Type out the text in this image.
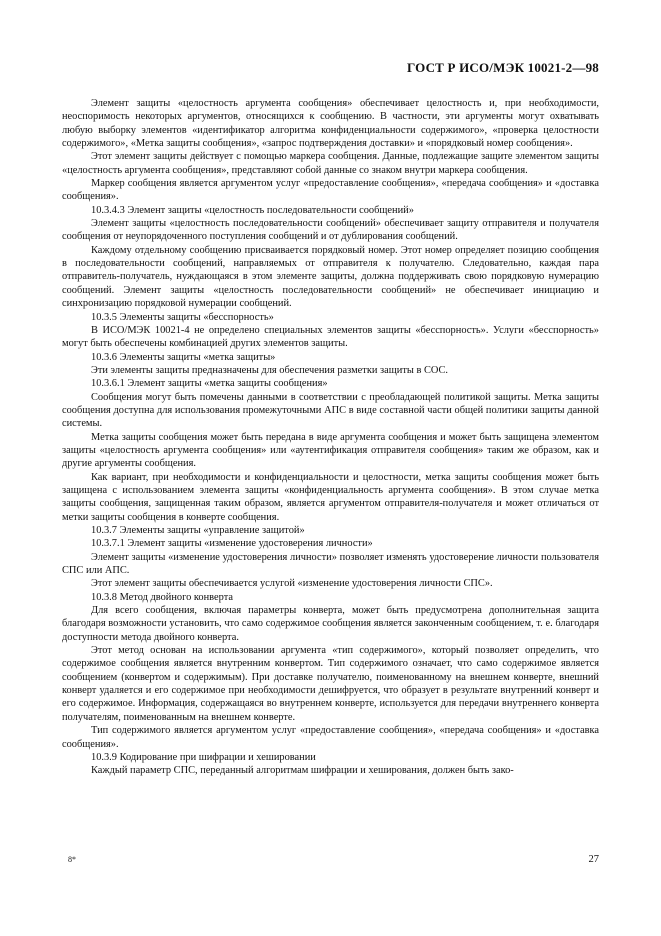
ГОСТ Р ИСО/МЭК 10021-2—98

Элемент защиты «целостность аргумента сообщения» обеспечивает целостность и, при необходимости, неоспоримость некоторых аргументов, относящихся к сообщению. В частности, эти аргументы могут охватывать любую выборку элементов «идентификатор алгоритма конфиденциальности содержимого», «проверка целостности содержимого», «Метка защиты сообщения», «запрос подтверждения доставки» и «порядковый номер сообщения».

Этот элемент защиты действует с помощью маркера сообщения. Данные, подлежащие защите элементом защиты «целостность аргумента сообщения», представляют собой данные со знаком внутри маркера сообщения.

Маркер сообщения является аргументом услуг «предоставление сообщения», «передача сообщения» и «доставка сообщения».

10.3.4.3 Элемент защиты «целостность последовательности сообщений»

Элемент защиты «целостность последовательности сообщений» обеспечивает защиту отправителя и получателя сообщения от неупорядоченного поступления сообщений и от дублирования сообщений.

Каждому отдельному сообщению присваивается порядковый номер. Этот номер определяет позицию сообщения в последовательности сообщений, направляемых от отправителя к получателю. Следовательно, каждая пара отправитель-получатель, нуждающаяся в этом элементе защиты, должна поддерживать свою порядковую нумерацию сообщений. Элемент защиты «целостность последовательности сообщений» не обеспечивает инициацию и синхронизацию порядковой нумерации сообщений.

10.3.5 Элементы защиты «бесспорность»

В ИСО/МЭК 10021-4 не определено специальных элементов защиты «бесспорность». Услуги «бесспорность» могут быть обеспечены комбинацией других элементов защиты.

10.3.6 Элементы защиты «метка защиты»

Эти элементы защиты предназначены для обеспечения разметки защиты в СОС.

10.3.6.1 Элемент защиты «метка защиты сообщения»

Сообщения могут быть помечены данными в соответствии с преобладающей политикой защиты. Метка защиты сообщения доступна для использования промежуточными АПС в виде составной части общей политики защиты данной системы.

Метка защиты сообщения может быть передана в виде аргумента сообщения и может быть защищена элементом защиты «целостность аргумента сообщения» или «аутентификация отправителя сообщения» таким же образом, как и другие аргументы сообщения.

Как вариант, при необходимости и конфиденциальности и целостности, метка защиты сообщения может быть защищена с использованием элемента защиты «конфиденциальность аргумента сообщения». В этом случае метка защиты сообщения, защищенная таким образом, является аргументом отправителя-получателя и может отличаться от метки защиты сообщения в конверте сообщения.

10.3.7 Элементы защиты «управление защитой»

10.3.7.1 Элемент защиты «изменение удостоверения личности»

Элемент защиты «изменение удостоверения личности» позволяет изменять удостоверение личности пользователя СПС или АПС.

Этот элемент защиты обеспечивается услугой «изменение удостоверения личности СПС».

10.3.8 Метод двойного конверта

Для всего сообщения, включая параметры конверта, может быть предусмотрена дополнительная защита благодаря возможности установить, что само содержимое сообщения является законченным сообщением, т. е. благодаря доступности метода двойного конверта.

Этот метод основан на использовании аргумента «тип содержимого», который позволяет определить, что содержимое сообщения является внутренним конвертом. Тип содержимого означает, что само содержимое является сообщением (конвертом и содержимым). При доставке получателю, поименованному на внешнем конверте, внешний конверт удаляется и его содержимое при необходимости дешифруется, что образует в результате внутренний конверт и его содержимое. Информация, содержащаяся во внутреннем конверте, используется для передачи внутреннего конверта получателям, поименованным на внешнем конверте.

Тип содержимого является аргументом услуг «предоставление сообщения», «передача сообщения» и «доставка сообщения».

10.3.9 Кодирование при шифрации и хешировании

Каждый параметр СПС, переданный алгоритмам шифрации и хеширования, должен быть зако-

8*	27
